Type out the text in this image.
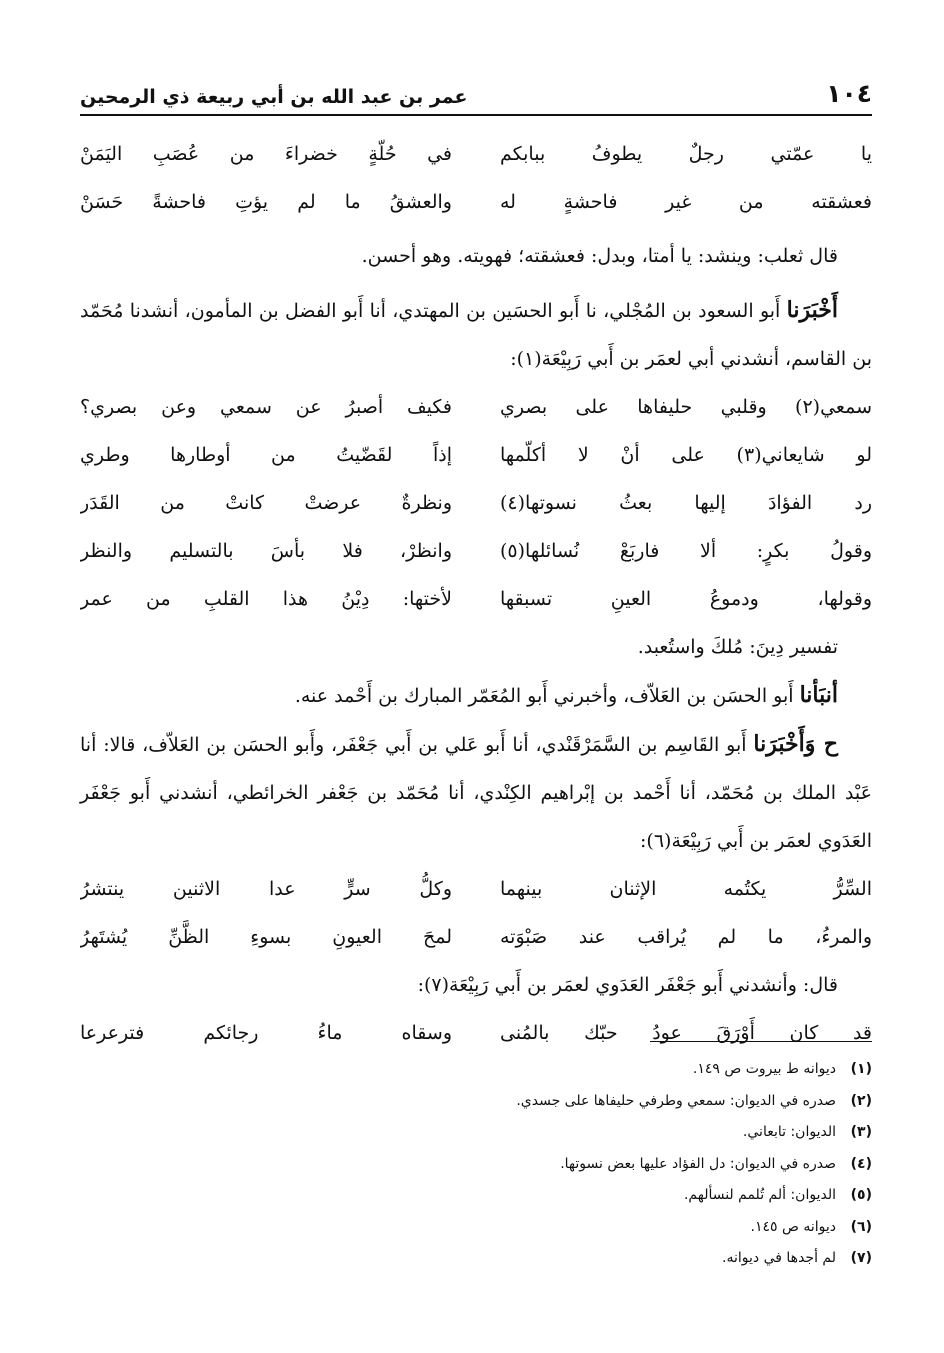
١٠٤
عمر بن عبد الله بن أبي ربيعة ذي الرمحين
يا عمّتي رجلٌ يطوفُ ببابكم
في حُلّةٍ خضراءَ من عُصَبِ اليَمَنْ
فعشقته من غير فاحشةٍ له
والعشقُ ما لم يؤتِ فاحشةً حَسَنْ
قال ثعلب: وينشد: يا أمتا، وبدل: فعشقته؛ فهويته. وهو أحسن.
أَخْبَرَنا أَبو السعود بن المُجْلي، نا أَبو الحسَين بن المهتدي، أنا أَبو الفضل بن المأمون، أنشدنا مُحَمّد بن القاسم، أنشدني أبي لعمَر بن أَبي رَبِيْعَة(١):
سمعي(٢) وقلبي حليفاها على بصري
فكيف أصبرُ عن سمعي وعن بصري؟
لو شايعاني(٣) على أنْ لا أكلّمها
إذاً لقَضّيتُ من أوطارها وطري
رد الفؤادَ إليها بعثُ نسوتها(٤)
ونظرةٌ عرضتْ كانتْ من القَدَر
وقولُ بكرٍ: ألا فاربَعْ نُسائلها(٥)
وانظرْ، فلا بأسَ بالتسليم والنظر
وقولها، ودموعُ العينِ تسبقها
لأختها: دِيْنُ هذا القلبِ من عمر
تفسير دِينَ: مُلكَ واستُعبد.
أنبَأنا أَبو الحسَن بن العَلاّف، وأخبرني أَبو المُعَمّر المبارك بن أَحْمد عنه.
ح وَأَخْبَرَنا أَبو القَاسِم بن السَّمَرْقَنْدي، أنا أَبو عَلي بن أَبي جَعْفَر، وأَبو الحسَن بن العَلاّف، قالا: أنا عَبْد الملك بن مُحَمّد، أنا أَحْمد بن إبْراهيم الكِنْدي، أنا مُحَمّد بن جَعْفر الخرائطي، أنشدني أَبو جَعْفَر العَدَوي لعمَر بن أَبي رَبِيْعَة(٦):
السِّرُّ يكتُمه الإثنان بينهما
وكلُّ سرٍّ عدا الاثنين ينتشرُ
والمرءُ، ما لم يُراقب عند صَبْوَته
لمحَ العيونِ بسوءِ الظَّنِّ يُشتَهرُ
قال: وأنشدني أَبو جَعْفَر العَدَوي لعمَر بن أَبي رَبِيْعَة(٧):
قد كان أَوْرَقَ عودُ حبّك بالمُنى
وسقاه ماءُ رجائكم فترعرعا
(١)
ديوانه ط بيروت ص ١٤٩.
(٢)
صدره في الديوان: سمعي وطرفي حليفاها على جسدي.
(٣)
الديوان: تابعاني.
(٤)
صدره في الديوان: دل الفؤاد عليها بعض نسوتها.
(٥)
الديوان: ألم تُلمم لنسألهم.
(٦)
ديوانه ص ١٤٥.
(٧)
لم أجدها في ديوانه.
